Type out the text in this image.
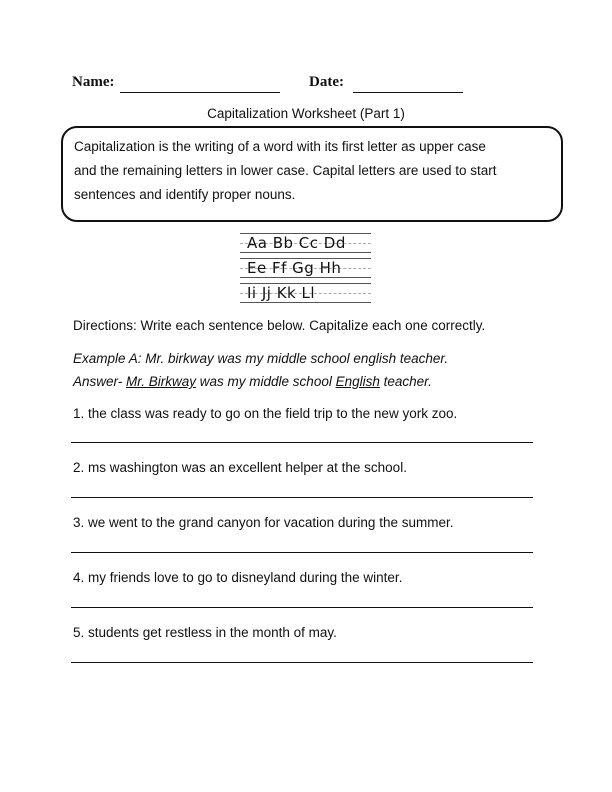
Name:	Date:
Capitalization Worksheet (Part 1)
Capitalization is the writing of a word with its first letter as upper case
and the remaining letters in lower case. Capital letters are used to start
sentences and identify proper nouns.
Aa Bb Cc Dd
Ee Ff Gg Hh
Ii Jj Kk Ll
Directions: Write each sentence below. Capitalize each one correctly.
Example A: Mr. birkway was my middle school english teacher.
Answer- Mr. Birkway was my middle school English teacher.
1. the class was ready to go on the field trip to the new york zoo.
2. ms washington was an excellent helper at the school.
3. we went to the grand canyon for vacation during the summer.
4. my friends love to go to disneyland during the winter.
5. students get restless in the month of may.
